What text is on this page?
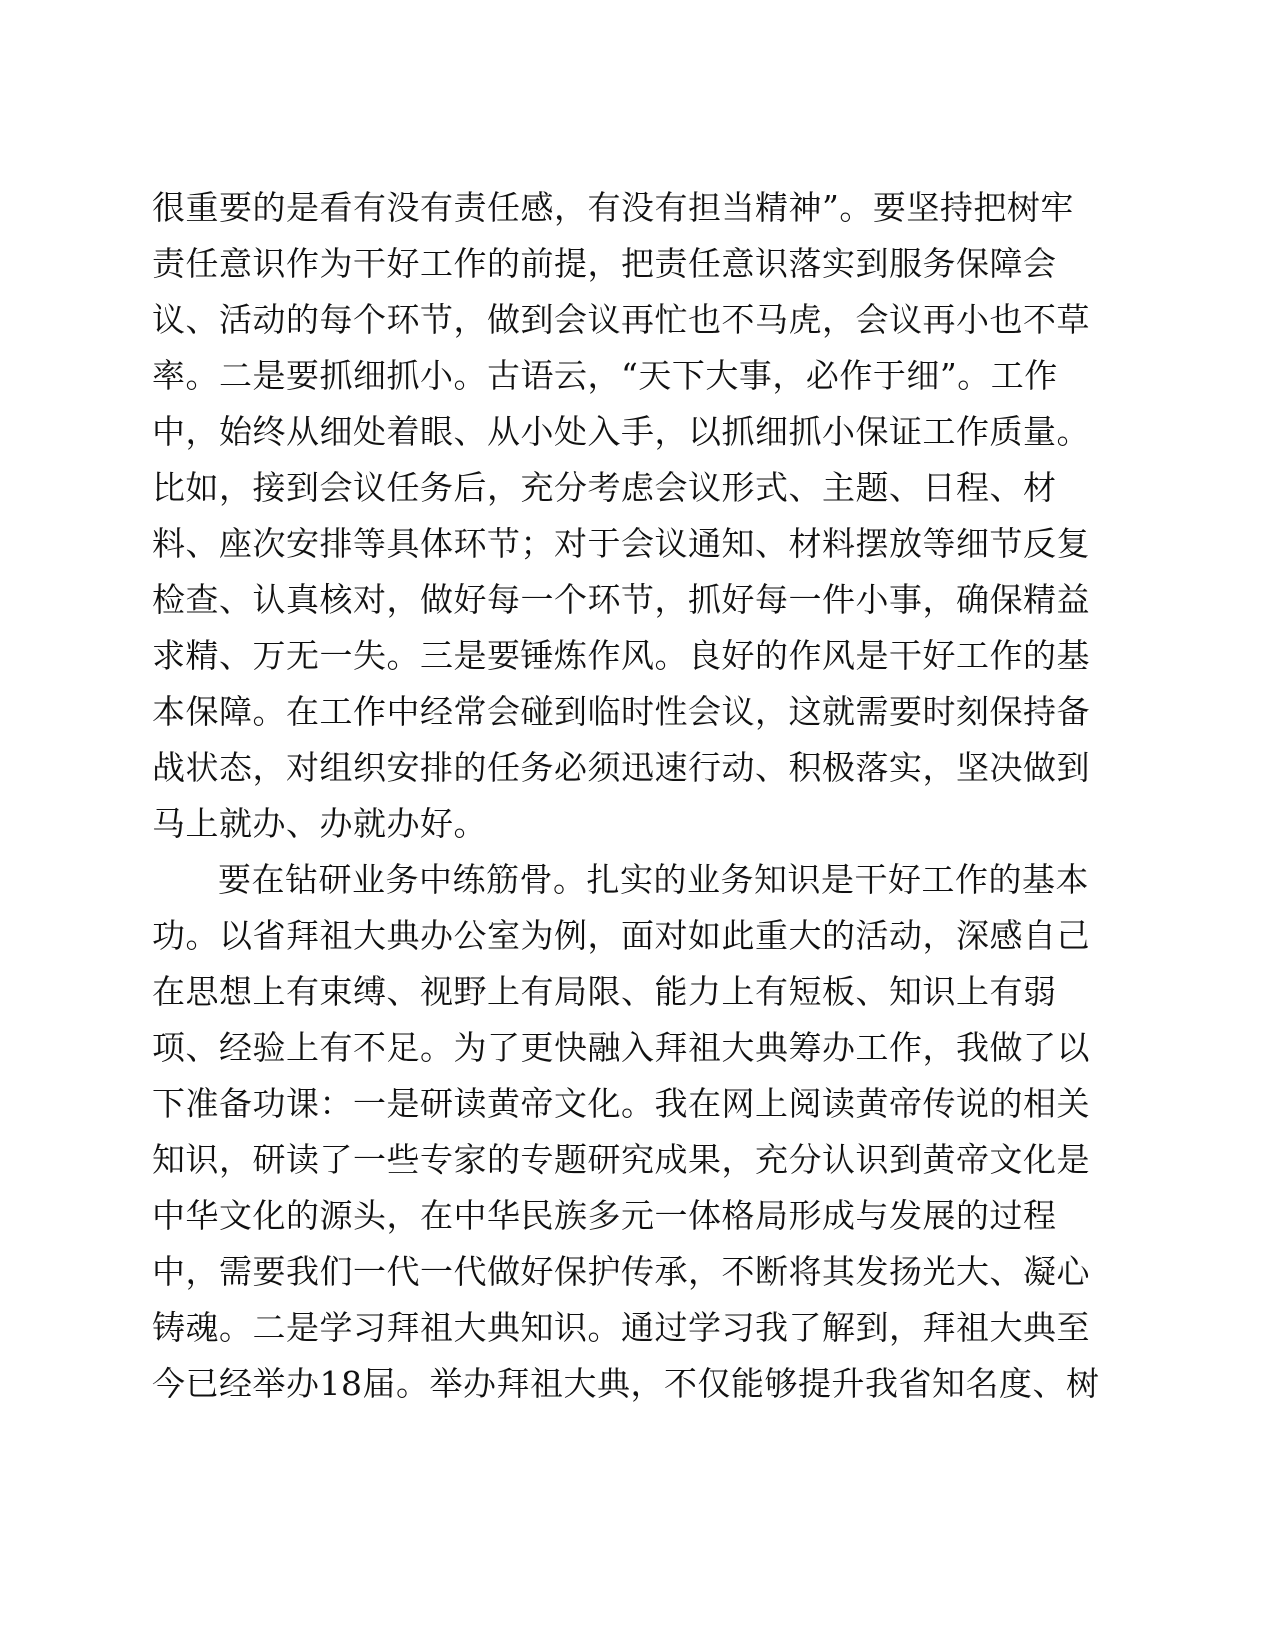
很重要的是看有没有责任感，有没有担当精神”。要坚持把树牢
责任意识作为干好工作的前提，把责任意识落实到服务保障会
议、活动的每个环节，做到会议再忙也不马虎，会议再小也不草
率。二是要抓细抓小。古语云，“天下大事，必作于细”。工作
中，始终从细处着眼、从小处入手，以抓细抓小保证工作质量。
比如，接到会议任务后，充分考虑会议形式、主题、日程、材
料、座次安排等具体环节；对于会议通知、材料摆放等细节反复
检查、认真核对，做好每一个环节，抓好每一件小事，确保精益
求精、万无一失。三是要锤炼作风。良好的作风是干好工作的基
本保障。在工作中经常会碰到临时性会议，这就需要时刻保持备
战状态，对组织安排的任务必须迅速行动、积极落实，坚决做到
马上就办、办就办好。
要在钻研业务中练筋骨。扎实的业务知识是干好工作的基本
功。以省拜祖大典办公室为例，面对如此重大的活动，深感自己
在思想上有束缚、视野上有局限、能力上有短板、知识上有弱
项、经验上有不足。为了更快融入拜祖大典筹办工作，我做了以
下准备功课：一是研读黄帝文化。我在网上阅读黄帝传说的相关
知识，研读了一些专家的专题研究成果，充分认识到黄帝文化是
中华文化的源头，在中华民族多元一体格局形成与发展的过程
中，需要我们一代一代做好保护传承，不断将其发扬光大、凝心
铸魂。二是学习拜祖大典知识。通过学习我了解到，拜祖大典至
今已经举办18届。举办拜祖大典，不仅能够提升我省知名度、树
